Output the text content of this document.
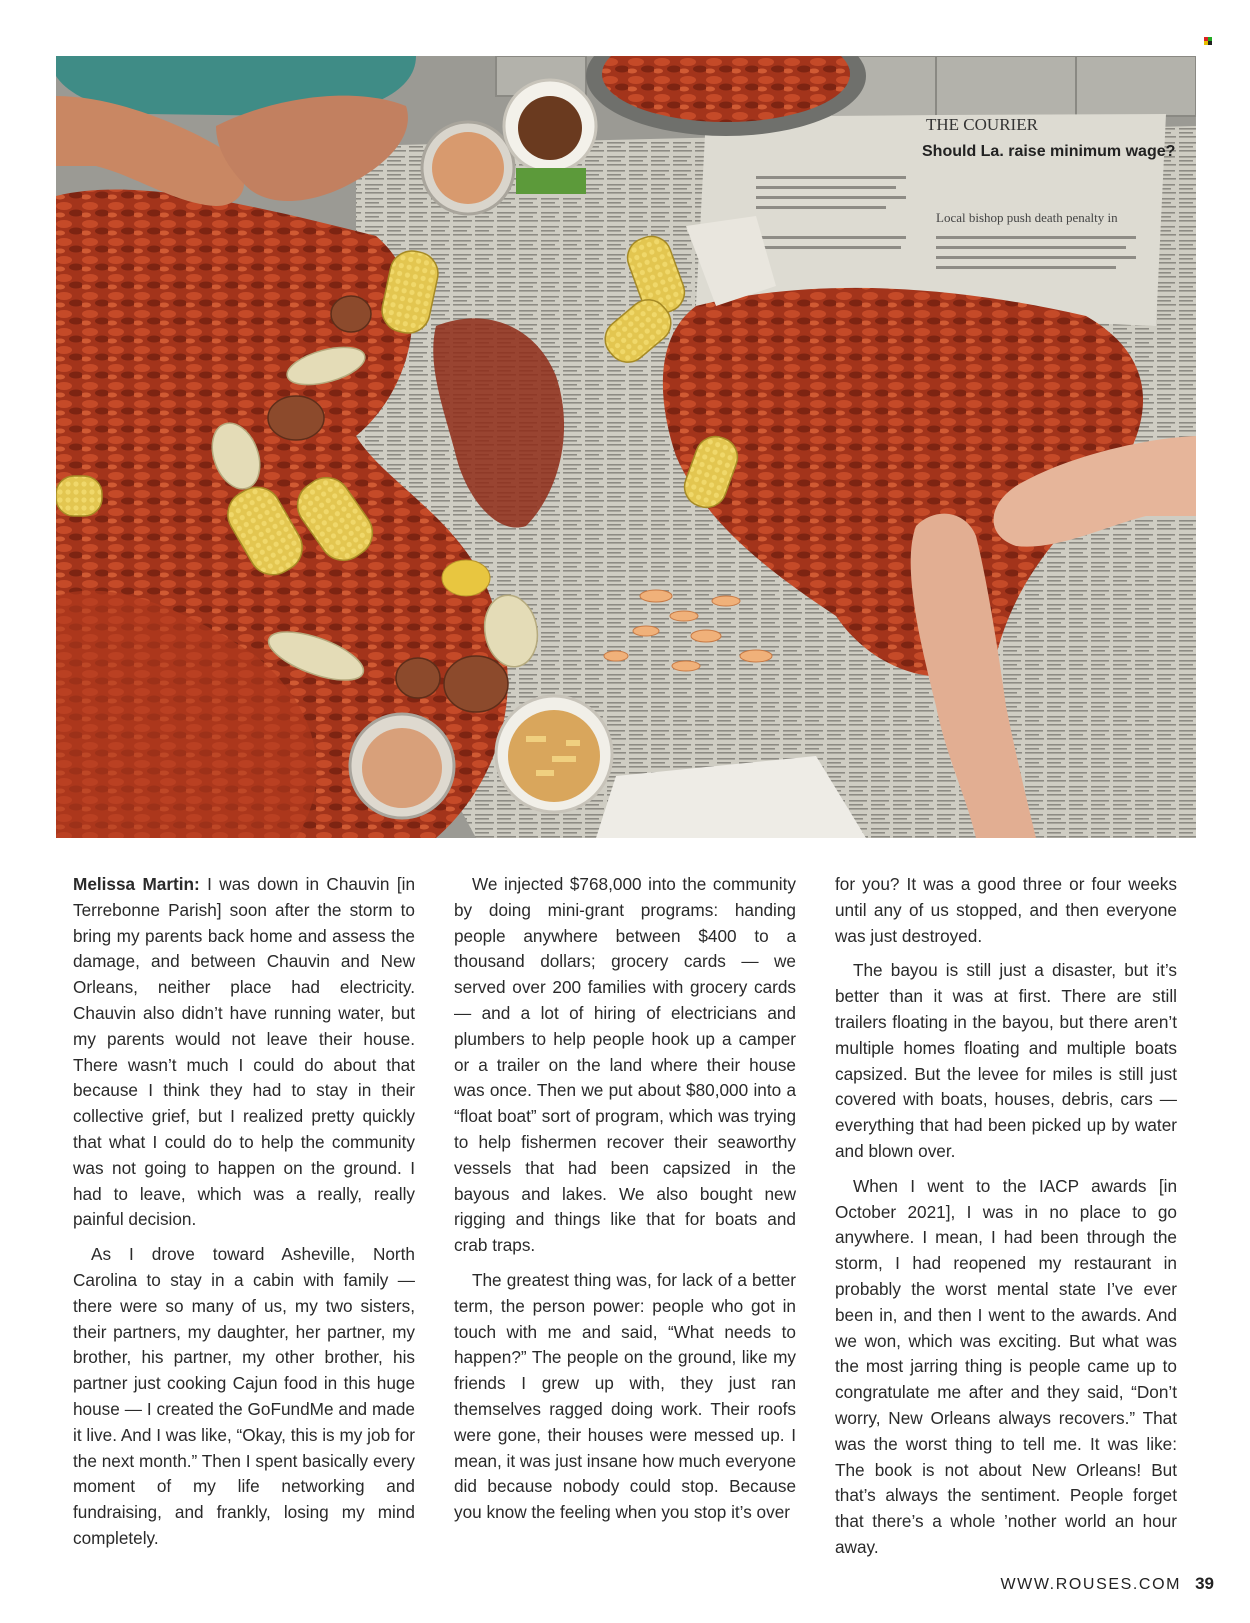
THE COURIER
Should La. raise minimum wage?
Local bishop push death penalty in

Melissa Martin: I was down in Chauvin [in Terrebonne Parish] soon after the storm to bring my parents back home and assess the damage, and between Chauvin and New Orleans, neither place had electricity. Chauvin also didn’t have running water, but my parents would not leave their house. There wasn’t much I could do about that because I think they had to stay in their collective grief, but I realized pretty quickly that what I could do to help the community was not going to happen on the ground. I had to leave, which was a really, really painful decision.

As I drove toward Asheville, North Carolina to stay in a cabin with family — there were so many of us, my two sisters, their partners, my daughter, her partner, my brother, his partner, my other brother, his partner just cooking Cajun food in this huge house — I created the GoFundMe and made it live. And I was like, “Okay, this is my job for the next month.” Then I spent basically every moment of my life networking and fundraising, and frankly, losing my mind completely.

We injected $768,000 into the community by doing mini-grant programs: handing people anywhere between $400 to a thousand dollars; grocery cards — we served over 200 families with grocery cards — and a lot of hiring of electricians and plumbers to help people hook up a camper or a trailer on the land where their house was once. Then we put about $80,000 into a “float boat” sort of program, which was trying to help fishermen recover their seaworthy vessels that had been capsized in the bayous and lakes. We also bought new rigging and things like that for boats and crab traps.

The greatest thing was, for lack of a better term, the person power: people who got in touch with me and said, “What needs to happen?” The people on the ground, like my friends I grew up with, they just ran themselves ragged doing work. Their roofs were gone, their houses were messed up. I mean, it was just insane how much everyone did because nobody could stop. Because you know the feeling when you stop it’s over

for you? It was a good three or four weeks until any of us stopped, and then everyone was just destroyed.

The bayou is still just a disaster, but it’s better than it was at first. There are still trailers floating in the bayou, but there aren’t multiple homes floating and multiple boats capsized. But the levee for miles is still just covered with boats, houses, debris, cars — everything that had been picked up by water and blown over.

When I went to the IACP awards [in October 2021], I was in no place to go anywhere. I mean, I had been through the storm, I had reopened my restaurant in probably the worst mental state I’ve ever been in, and then I went to the awards. And we won, which was exciting. But what was the most jarring thing is people came up to congratulate me after and they said, “Don’t worry, New Orleans always recovers.” That was the worst thing to tell me. It was like: The book is not about New Orleans! But that’s always the sentiment. People forget that there’s a whole ’nother world an hour away.

WWW.ROUSES.COM 39
